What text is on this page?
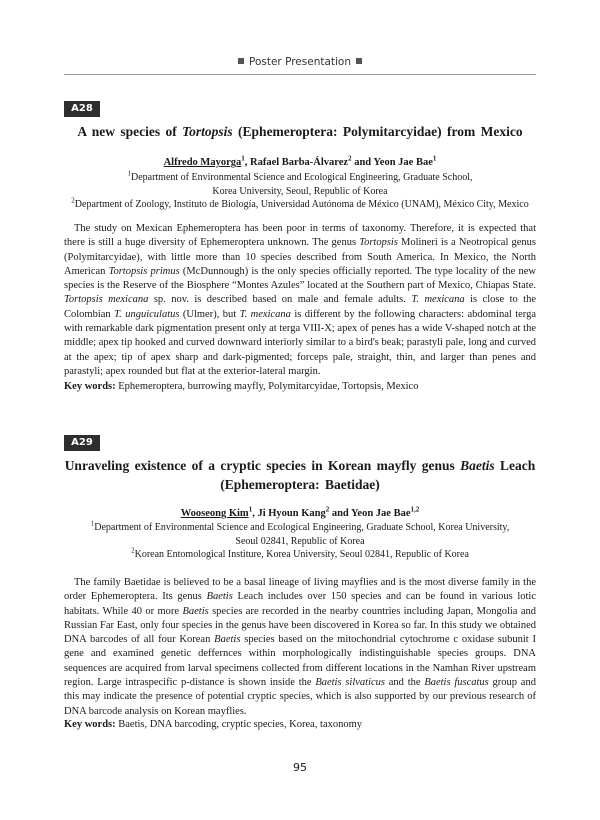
Poster Presentation
A28
A new species of Tortopsis (Ephemeroptera: Polymitarcyidae) from Mexico
Alfredo Mayorga$^1$, Rafael Barba-Álvarez$^2$ and Yeon Jae Bae$^1$
$^1$Department of Environmental Science and Ecological Engineering, Graduate School,
Korea University, Seoul, Republic of Korea
$^2$Department of Zoology, Instituto de Biología, Universidad Autónoma de México (UNAM), México City, Mexico
The study on Mexican Ephemeroptera has been poor in terms of taxonomy. Therefore, it is expected that there is still a huge diversity of Ephemeroptera unknown. The genus Tortopsis Molineri is a Neotropical genus (Polymitarcyidae), with little more than 10 species described from South America. In Mexico, the North American Tortopsis primus (McDunnough) is the only species officially reported. The type locality of the new species is the Reserve of the Biosphere “Montes Azules” located at the Southern part of Mexico, Chiapas State. Tortopsis mexicana sp. nov. is described based on male and female adults. T. mexicana is close to the Colombian T. unguiculatus (Ulmer), but T. mexicana is different by the following characters: abdominal terga with remarkable dark pigmentation present only at terga VIII-X; apex of penes has a wide V-shaped notch at the middle; apex tip hooked and curved downward interiorly similar to a bird's beak; parastyli pale, long and curved at the apex; tip of apex sharp and dark-pigmented; forceps pale, straight, thin, and larger than penes and parastyli; apex rounded but flat at the exterior-lateral margin.
Key words: Ephemeroptera, burrowing mayfly, Polymitarcyidae, Tortopsis, Mexico
A29
Unraveling existence of a cryptic species in Korean mayfly genus Baetis Leach
(Ephemeroptera: Baetidae)
Wooseong Kim$^1$, Ji Hyoun Kang$^2$ and Yeon Jae Bae$^{1,2}$
$^1$Department of Environmental Science and Ecological Engineering, Graduate School, Korea University,
Seoul 02841, Republic of Korea
$^2$Korean Entomological Institure, Korea University, Seoul 02841, Republic of Korea
The family Baetidae is believed to be a basal lineage of living mayflies and is the most diverse family in the order Ephemeroptera. Its genus Baetis Leach includes over 150 species and can be found in various lotic habitats. While 40 or more Baetis species are recorded in the nearby countries including Japan, Mongolia and Russian Far East, only four species in the genus have been discovered in Korea so far. In this study we obtained DNA barcodes of all four Korean Baetis species based on the mitochondrial cytochrome c oxidase subunit I gene and examined genetic deffernces within morphologically indistinguishable species groups. DNA sequences are acquired from larval specimens collected from different locations in the Namhan River upstream region. Large intraspecific p-distance is shown inside the Baetis silvaticus and the Baetis fuscatus group and this may indicate the presence of potential cryptic species, which is also supported by our previous research of DNA barcode analysis on Korean mayflies.
Key words: Baetis, DNA barcoding, cryptic species, Korea, taxonomy
95
